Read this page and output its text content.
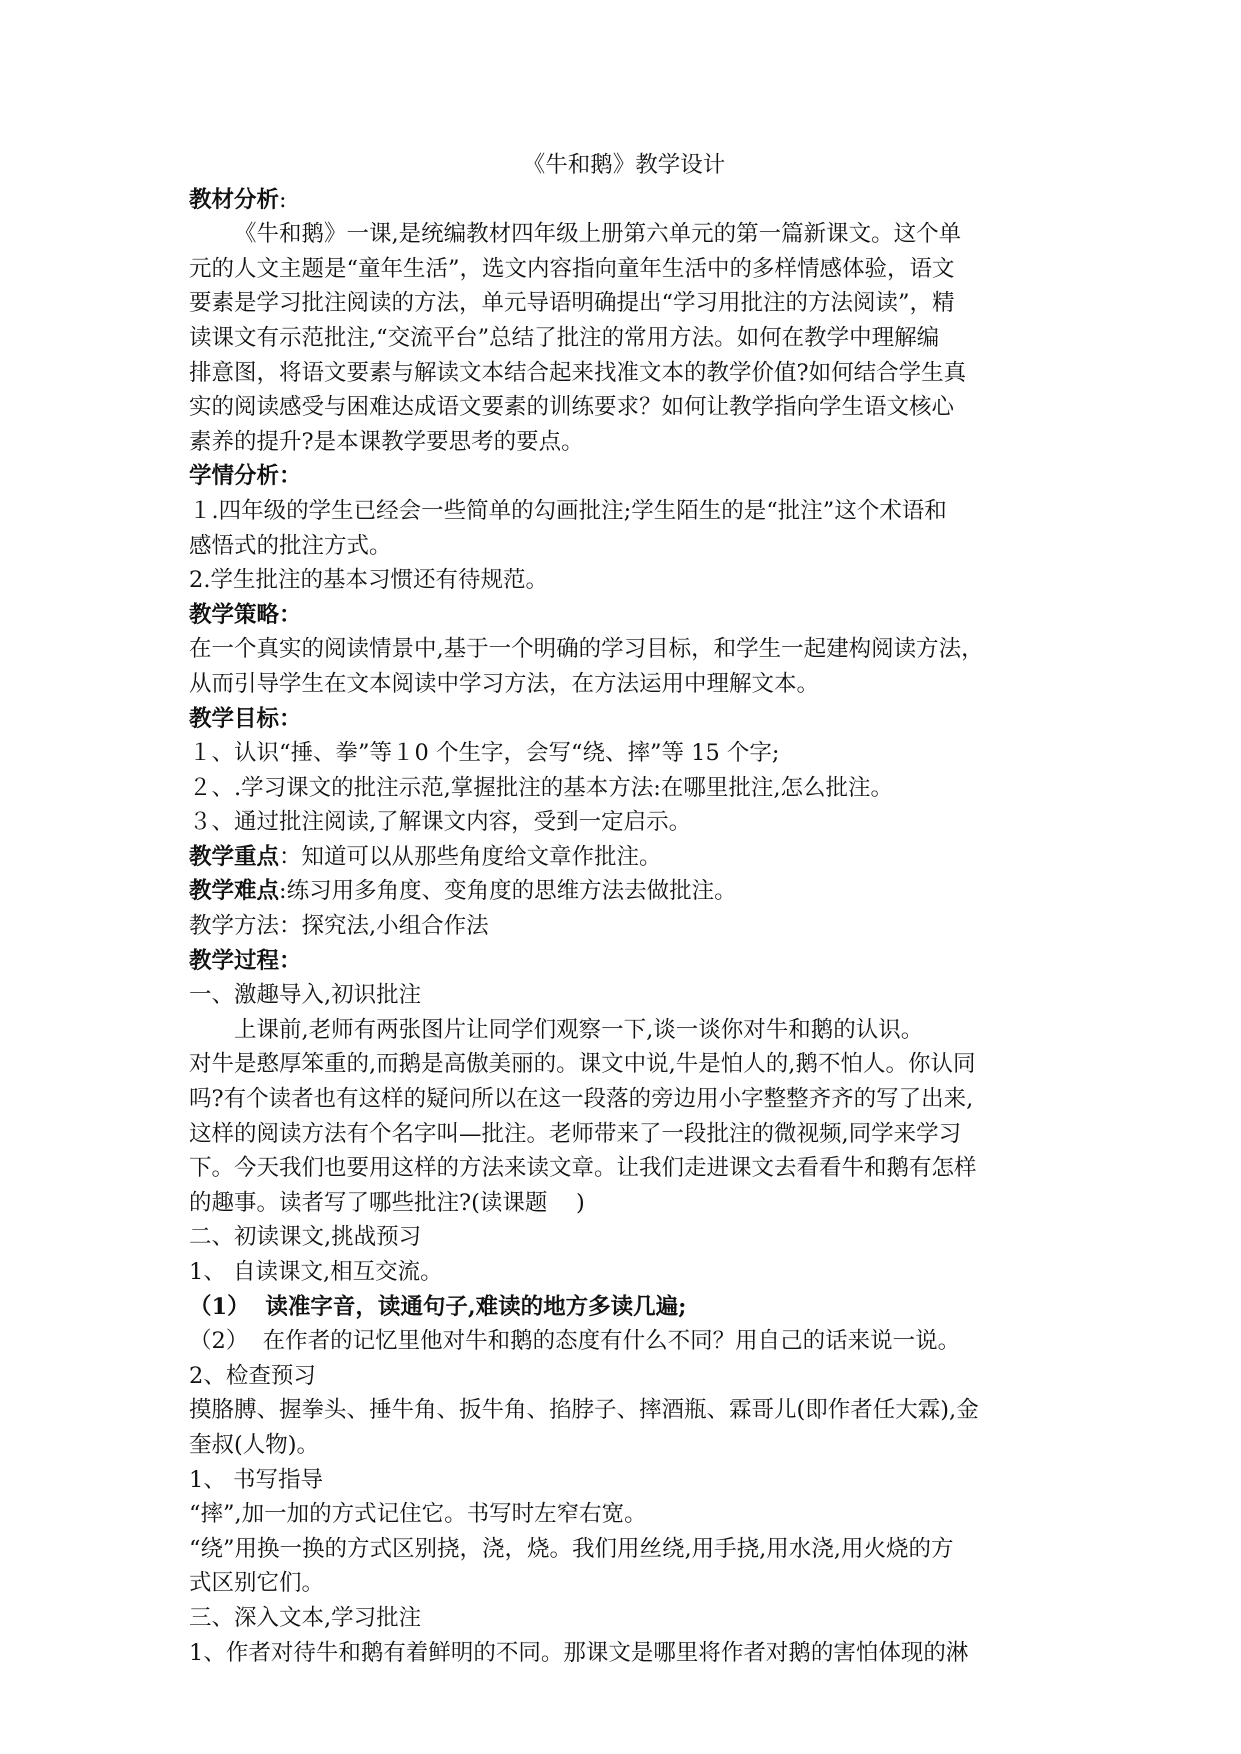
《牛和鹅》教学设计

教材分析:

《牛和鹅》一课,是统编教材四年级上册第六单元的第一篇新课文。这个单

元的人文主题是“童年生活”，选文内容指向童年生活中的多样情感体验，语文

要素是学习批注阅读的方法，单元导语明确提出“学习用批注的方法阅读”，精

读课文有示范批注,“交流平台”总结了批注的常用方法。如何在教学中理解编

排意图，将语文要素与解读文本结合起来找准文本的教学价值?如何结合学生真

实的阅读感受与困难达成语文要素的训练要求？如何让教学指向学生语文核心

素养的提升?是本课教学要思考的要点。

学情分析：

１.四年级的学生已经会一些简单的勾画批注;学生陌生的是“批注”这个术语和

感悟式的批注方式。

2.学生批注的基本习惯还有待规范。

教学策略：

在一个真实的阅读情景中,基于一个明确的学习目标，和学生一起建构阅读方法，

从而引导学生在文本阅读中学习方法，在方法运用中理解文本。

教学目标：

１、认识“捶、拳”等１0 个生字，会写“绕、摔”等 15 个字;

２、.学习课文的批注示范,掌握批注的基本方法:在哪里批注,怎么批注。

３、通过批注阅读,了解课文内容，受到一定启示。

教学重点：知道可以从那些角度给文章作批注。

教学难点:练习用多角度、变角度的思维方法去做批注。

教学方法：探究法,小组合作法

教学过程：

一、激趣导入,初识批注

上课前,老师有两张图片让同学们观察一下,谈一谈你对牛和鹅的认识。

对牛是憨厚笨重的,而鹅是高傲美丽的。课文中说,牛是怕人的,鹅不怕人。你认同

吗?有个读者也有这样的疑问所以在这一段落的旁边用小字整整齐齐的写了出来,

这样的阅读方法有个名字叫—批注。老师带来了一段批注的微视频,同学来学习

下。今天我们也要用这样的方法来读文章。让我们走进课文去看看牛和鹅有怎样

的趣事。读者写了哪些批注?(读课题    )

二、初读课文,挑战预习

1、 自读课文,相互交流。

（1）  读准字音，读通句子,难读的地方多读几遍;

（2）  在作者的记忆里他对牛和鹅的态度有什么不同？用自己的话来说一说。

2、检查预习

摸胳膊、握拳头、捶牛角、扳牛角、掐脖子、摔酒瓶、霖哥儿(即作者任大霖),金

奎叔(人物)。

1、 书写指导

“摔”,加一加的方式记住它。书写时左窄右宽。

“绕”用换一换的方式区别挠，浇，烧。我们用丝绕,用手挠,用水浇,用火烧的方

式区别它们。

三、深入文本,学习批注

1、作者对待牛和鹅有着鲜明的不同。那课文是哪里将作者对鹅的害怕体现的淋
